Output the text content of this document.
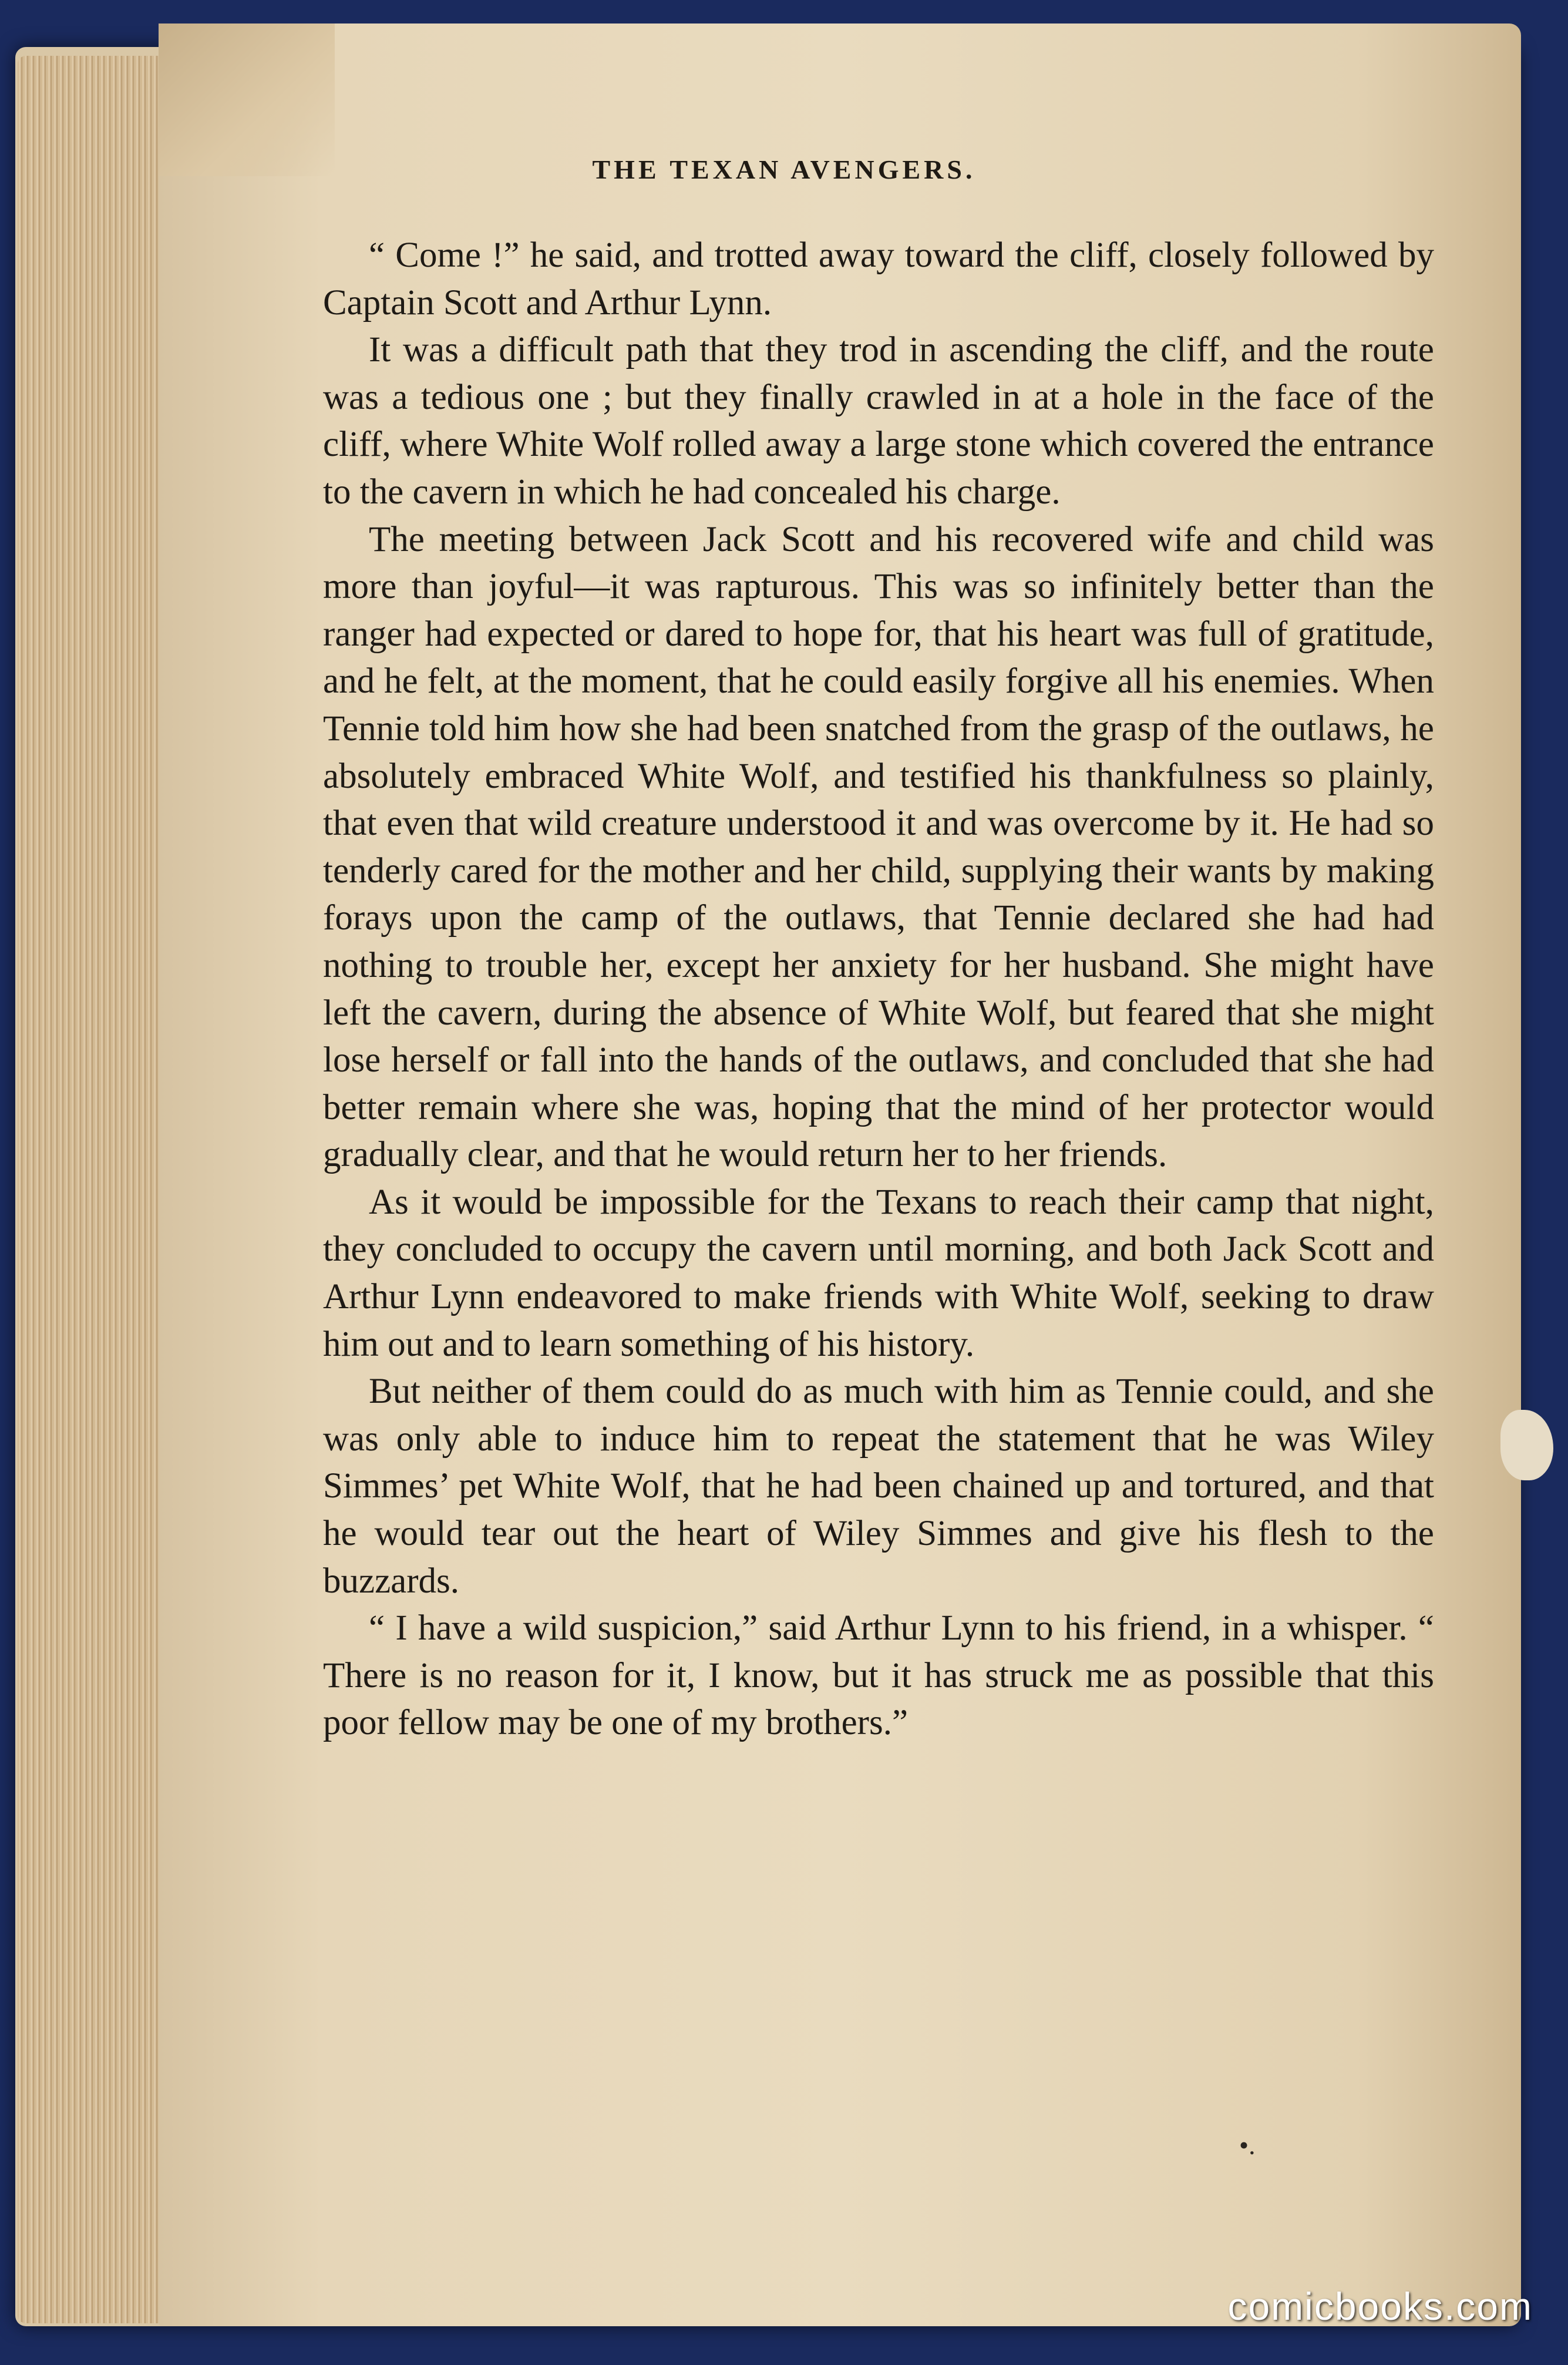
THE TEXAN AVENGERS.

“ Come !” he said, and trotted away toward the cliff, closely followed by Captain Scott and Arthur Lynn.

It was a difficult path that they trod in ascending the cliff, and the route was a tedious one ; but they finally crawled in at a hole in the face of the cliff, where White Wolf rolled away a large stone which covered the entrance to the cavern in which he had concealed his charge.

The meeting between Jack Scott and his recovered wife and child was more than joyful—it was rapturous. This was so infinitely better than the ranger had expected or dared to hope for, that his heart was full of gratitude, and he felt, at the moment, that he could easily forgive all his enemies. When Tennie told him how she had been snatched from the grasp of the outlaws, he absolutely embraced White Wolf, and testified his thankfulness so plainly, that even that wild creature understood it and was overcome by it. He had so tenderly cared for the mother and her child, supplying their wants by making forays upon the camp of the outlaws, that Tennie declared she had had nothing to trouble her, except her anxiety for her husband. She might have left the cavern, during the absence of White Wolf, but feared that she might lose herself or fall into the hands of the outlaws, and concluded that she had better remain where she was, hoping that the mind of her protector would gradually clear, and that he would return her to her friends.

As it would be impossible for the Texans to reach their camp that night, they concluded to occupy the cavern until morning, and both Jack Scott and Arthur Lynn endeavored to make friends with White Wolf, seeking to draw him out and to learn something of his history.

But neither of them could do as much with him as Tennie could, and she was only able to induce him to repeat the statement that he was Wiley Simmes’ pet White Wolf, that he had been chained up and tortured, and that he would tear out the heart of Wiley Simmes and give his flesh to the buzzards.

“ I have a wild suspicion,” said Arthur Lynn to his friend, in a whisper. “ There is no reason for it, I know, but it has struck me as possible that this poor fellow may be one of my brothers.”

•.
comicbooks.com
